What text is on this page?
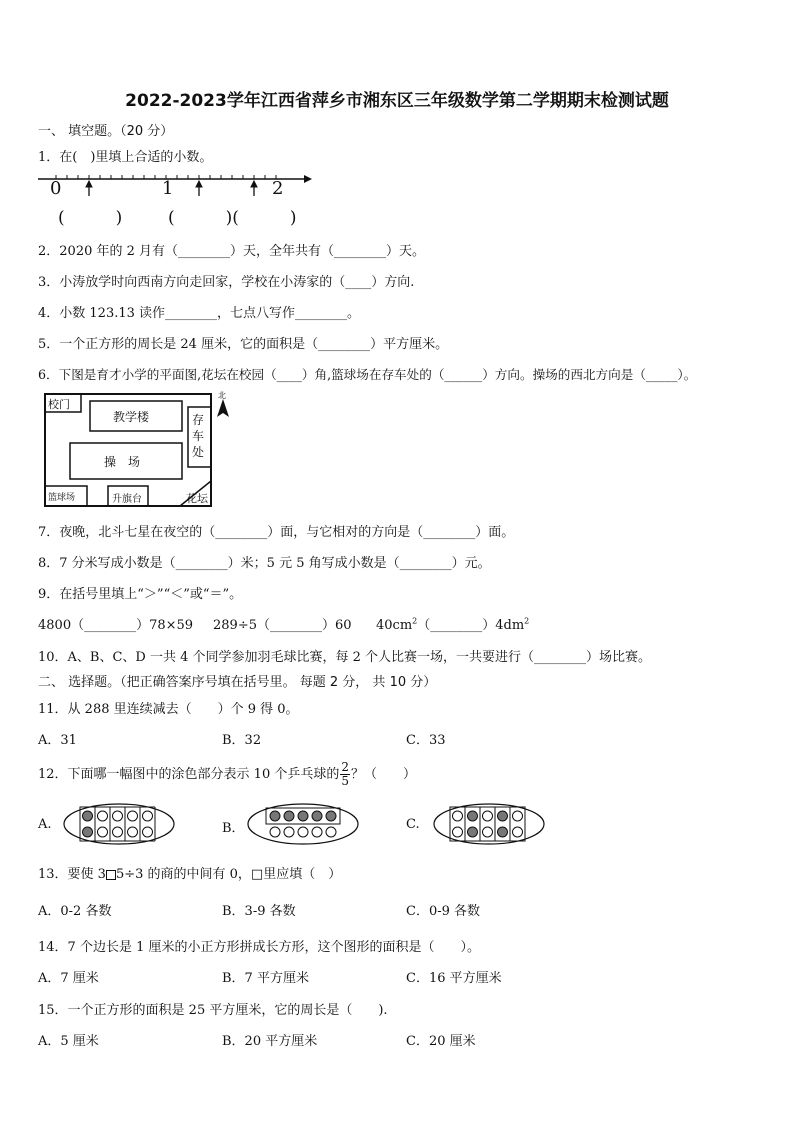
2022-2023学年江西省萍乡市湘东区三年级数学第二学期期末检测试题
一、 填空题。（20 分）
1．在(　)里填上合适的小数。
0	1	2
(　　　)	(　　　)(　　　)
2．2020 年的 2 月有（________）天，全年共有（________）天。
3．小涛放学时向西南方向走回家，学校在小涛家的（____）方向.
4．小数 123.13 读作________，七点八写作________。
5．一个正方形的周长是 24 厘米，它的面积是（________）平方厘米。
6．下图是育才小学的平面图,花坛在校园（____）角,篮球场在存车处的（______）方向。操场的西北方向是（_____）。
校门
教学楼	存
车
处
操　场
篮球场	升旗台	花坛
北
7．夜晚，北斗七星在夜空的（________）面，与它相对的方向是（________）面。
8．7 分米写成小数是（________）米；5 元 5 角写成小数是（________）元。
9．在括号里填上“＞”“＜”或“＝”。
4800（________）78×59 289÷5（________）60 $40cm^2(\_\_\_\_\_\_\_\_)4dm^2$
10．A、B、C、D 一共 4 个同学参加羽毛球比赛，每 2 个人比赛一场，一共要进行（________）场比赛。
二、 选择题。（把正确答案序号填在括号里。 每题 2 分， 共 10 分）
11．从 288 里连续减去（　　）个 9 得 0。
A．31	B．32	C．33
12．下面哪一幅图中的涂色部分表示 10 个乒乓球的 $\frac{2}{5}$ ？（　　）
A.	B．	C.
13．要使 3 5÷3 的商的中间有 0，□里应填（　）
A．0-2 各数	B．3-9 各数	C．0-9 各数
14．7 个边长是 1 厘米的小正方形拼成长方形，这个图形的面积是（　　）。
A．7 厘米	B．7 平方厘米	C．16 平方厘米
15．一个正方形的面积是 25 平方厘米，它的周长是（　　).
A．5 厘米	B．20 平方厘米	C．20 厘米
